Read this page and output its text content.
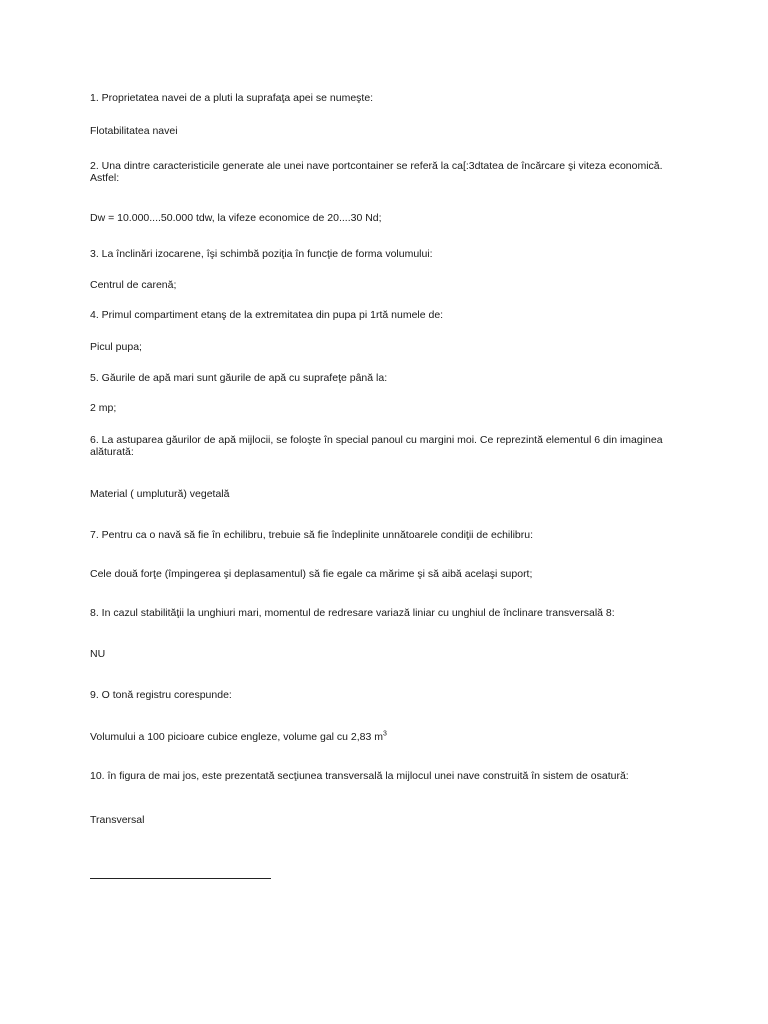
1. Proprietatea navei de a pluti la suprafaţa apei se numeşte:
Flotabilitatea navei
2. Una dintre caracteristicile generate ale unei nave portcontainer se referă la ca[:3dtatea de încărcare şi viteza economică. Astfel:
Dw = 10.000....50.000 tdw, la vifeze economice de 20....30 Nd;
3. La înclinări izocarene, îşi schimbă poziţia în funcţie de forma volumului:
Centrul de carenă;
4. Primul compartiment etanş de la extremitatea din pupa pi 1rtă numele de:
Picul pupa;
5. Găurile de apă mari sunt găurile de apă cu suprafeţe până la:
2 mp;
6. La astuparea găurilor de apă mijlocii, se foloşte în special panoul cu margini moi. Ce reprezintă elementul 6 din imaginea alăturată:
Material ( umplutură) vegetală
7. Pentru ca o navă să fie în echilibru, trebuie să fie îndeplinite unnătoarele condiţii de echilibru:
Cele două forţe (împingerea şi deplasamentul) să fie egale ca mărime şi să aibă acelaşi suport;
8. In cazul stabilităţii la unghiuri mari, momentul de redresare variază liniar cu unghiul de înclinare transversală 8:
NU
9. O tonă registru corespunde:
Volumului a 100 picioare cubice engleze, volume gal cu 2,83 $m^3$
10. în figura de mai jos, este prezentată secţiunea transversală la mijlocul unei nave construită în sistem de osatură:
Transversal
